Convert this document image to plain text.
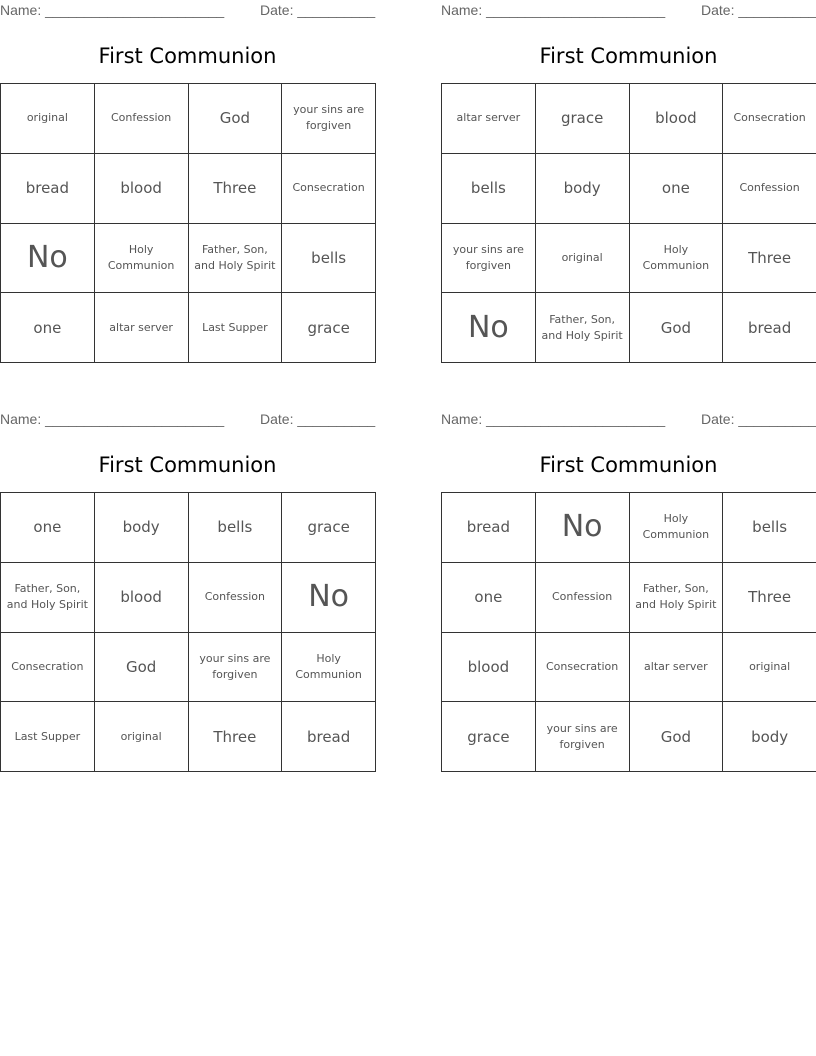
Name: _______________________	Date: __________
First Communion
original	Confession	God	your sins are forgiven
bread	blood	Three	Consecration
No	Holy Communion	Father, Son, and Holy Spirit	bells
one	altar server	Last Supper	grace
Name: _______________________	Date: __________
First Communion
altar server	grace	blood	Consecration
bells	body	one	Confession
your sins are forgiven	original	Holy Communion	Three
No	Father, Son, and Holy Spirit	God	bread
Name: _______________________	Date: __________
First Communion
one	body	bells	grace
Father, Son, and Holy Spirit	blood	Confession	No
Consecration	God	your sins are forgiven	Holy Communion
Last Supper	original	Three	bread
Name: _______________________	Date: __________
First Communion
bread	No	Holy Communion	bells
one	Confession	Father, Son, and Holy Spirit	Three
blood	Consecration	altar server	original
grace	your sins are forgiven	God	body
